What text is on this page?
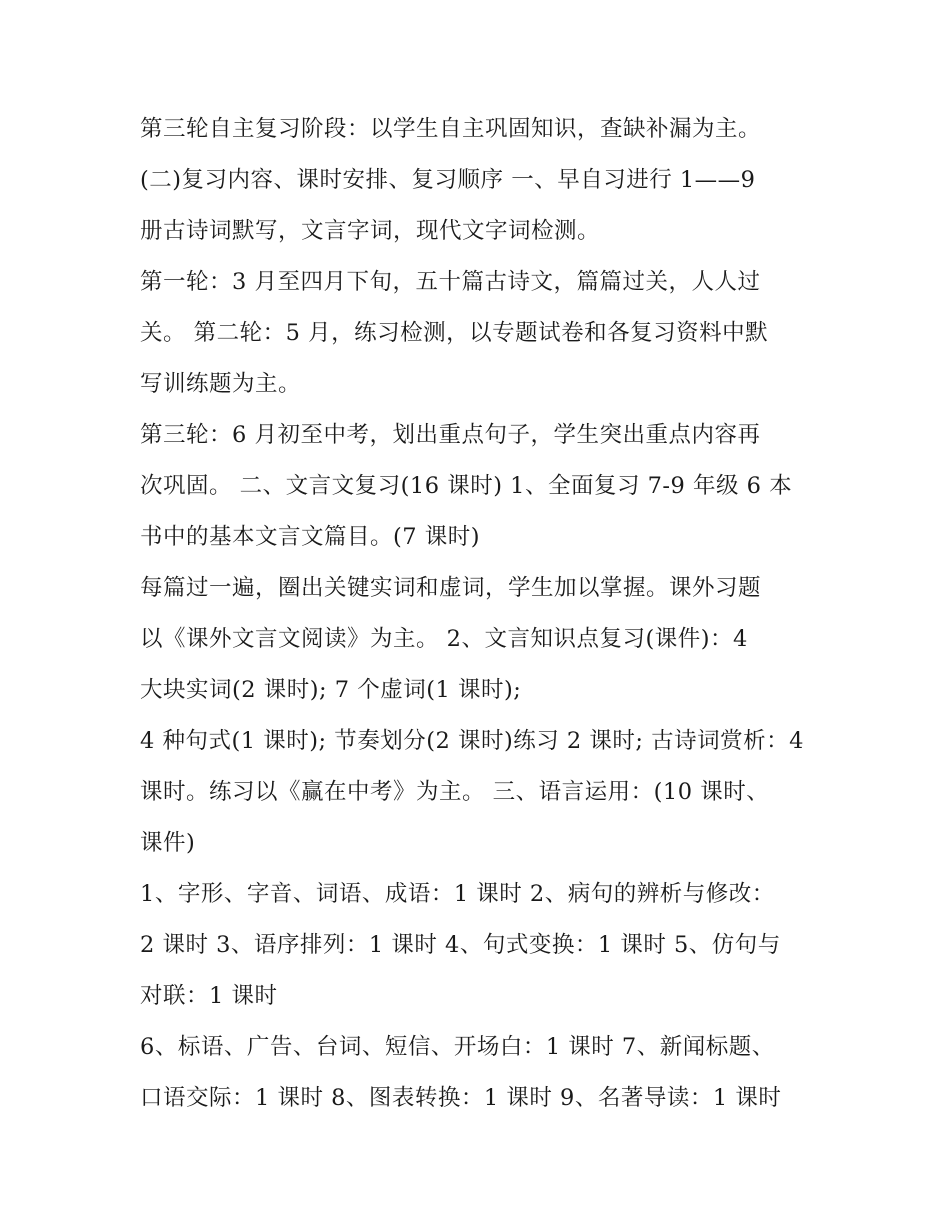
第三轮自主复习阶段：以学生自主巩固知识，查缺补漏为主。
(二)复习内容、课时安排、复习顺序 一、早自习进行 1——9
册古诗词默写，文言字词，现代文字词检测。
第一轮：3 月至四月下旬，五十篇古诗文，篇篇过关，人人过
关。 第二轮：5 月，练习检测，以专题试卷和各复习资料中默
写训练题为主。
第三轮：6 月初至中考，划出重点句子，学生突出重点内容再
次巩固。 二、文言文复习(16 课时) 1、全面复习 7-9 年级 6 本
书中的基本文言文篇目。(7 课时)
每篇过一遍，圈出关键实词和虚词，学生加以掌握。课外习题
以《课外文言文阅读》为主。 2、文言知识点复习(课件)：4
大块实词(2 课时); 7 个虚词(1 课时);
4 种句式(1 课时); 节奏划分(2 课时)练习 2 课时; 古诗词赏析：4
课时。练习以《赢在中考》为主。 三、语言运用：(10 课时、
课件)
1、字形、字音、词语、成语：1 课时 2、病句的辨析与修改：
2 课时 3、语序排列：1 课时 4、句式变换：1 课时 5、仿句与
对联：1 课时
6、标语、广告、台词、短信、开场白：1 课时 7、新闻标题、
口语交际：1 课时 8、图表转换：1 课时 9、名著导读：1 课时
